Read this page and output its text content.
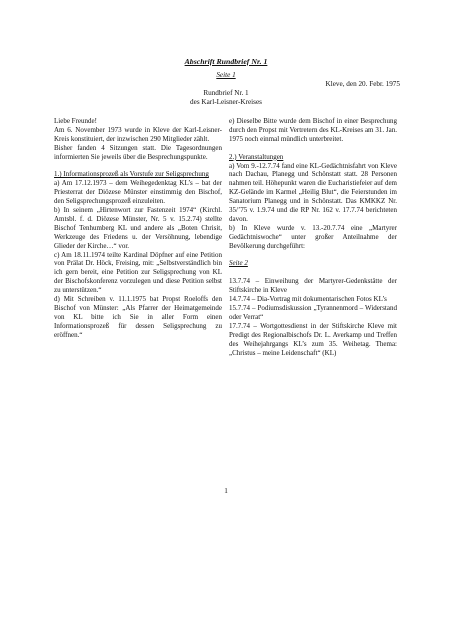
Abschrift Rundbrief Nr. 1
Seite 1
Kleve, den 20. Febr. 1975
Rundbrief Nr. 1
des Karl-Leisner-Kreises

Liebe Freunde!

Am 6. November 1973 wurde in Kleve der Karl-Leisner-Kreis konstituiert, der inzwischen 290 Mitglieder zählt.

Bisher fanden 4 Sitzungen statt. Die Tagesordnungen informierten Sie jeweils über die Besprechungspunkte.

1.) Informationsprozeß als Vorstufe zur Seligsprechung

a) Am 17.12.1973 – dem Weihegedenktag KL’s – bat der Priesterrat der Diözese Münster einstimmig den Bischof, den Seligsprechungsprozeß einzuleiten.

b) In seinem „Hirtenwort zur Fastenzeit 1974“ (Kirchl. Amtsbl. f. d. Diözese Münster, Nr. 5 v. 15.2.74) stellte Bischof Tenhumberg KL und andere als „Boten Chrisit, Werkzeuge des Friedens u. der Versöhnung, lebendige Glieder der Kirche…“ vor.

c) Am 18.11.1974 teilte Kardinal Döpfner auf eine Petition von Prälat Dr. Höck, Freising, mit: „Selbstverständlich bin ich gern bereit, eine Petition zur Seligsprechung von KL der Bischofskonferenz vorzulegen und diese Petition selbst zu unterstützen.“

d) Mit Schreiben v. 11.1.1975 bat Propst Roeloffs den Bischof von Münster: „Als Pfarrer der Heimatgemeinde von KL bitte ich Sie in aller Form einen Informationsprozeß für dessen Seligsprechung zu eröffnen.“

e) Dieselbe Bitte wurde dem Bischof in einer Besprechung durch den Propst mit Vertretern des KL-Kreises am 31. Jan. 1975 noch einmal mündlich unterbreitet.

2.) Veranstaltungen

a) Vom 9.-12.7.74 fand eine KL-Gedächtnisfahrt von Kleve nach Dachau, Planegg und Schönstatt statt. 28 Personen nahmen teil. Höhepunkt waren die Eucharistiefeier auf dem KZ-Gelände im Karmel „Heilig Blut“, die Feierstunden im Sanatorium Planegg und in Schönstatt. Das KMKKZ Nr. 35/’75 v. 1.9.74 und die RP Nr. 162 v. 17.7.74 berichteten davon.

b) In Kleve wurde v. 13.-20.7.74 eine „Martyrer Gedächtniswoche“ unter großer Anteilnahme der Bevölkerung durchgeführt:

Seite 2

13.7.74 – Einweihung der Martyrer-Gedenkstätte der Stiftskirche in Kleve

14.7.74 – Dia-Vortrag mit dokumentarischen Fotos KL’s

15.7.74 – Podiumsdiskussion „Tyrannenmord – Widerstand oder Verrat“

17.7.74 – Wortgottesdienst in der Stiftskirche Kleve mit Predigt des Regionalbischofs Dr. L. Averkamp und Treffen des Weihejahrgangs KL’s zum 35. Weihetag. Thema: „Christus – meine Leidenschaft“ (KL)

1
